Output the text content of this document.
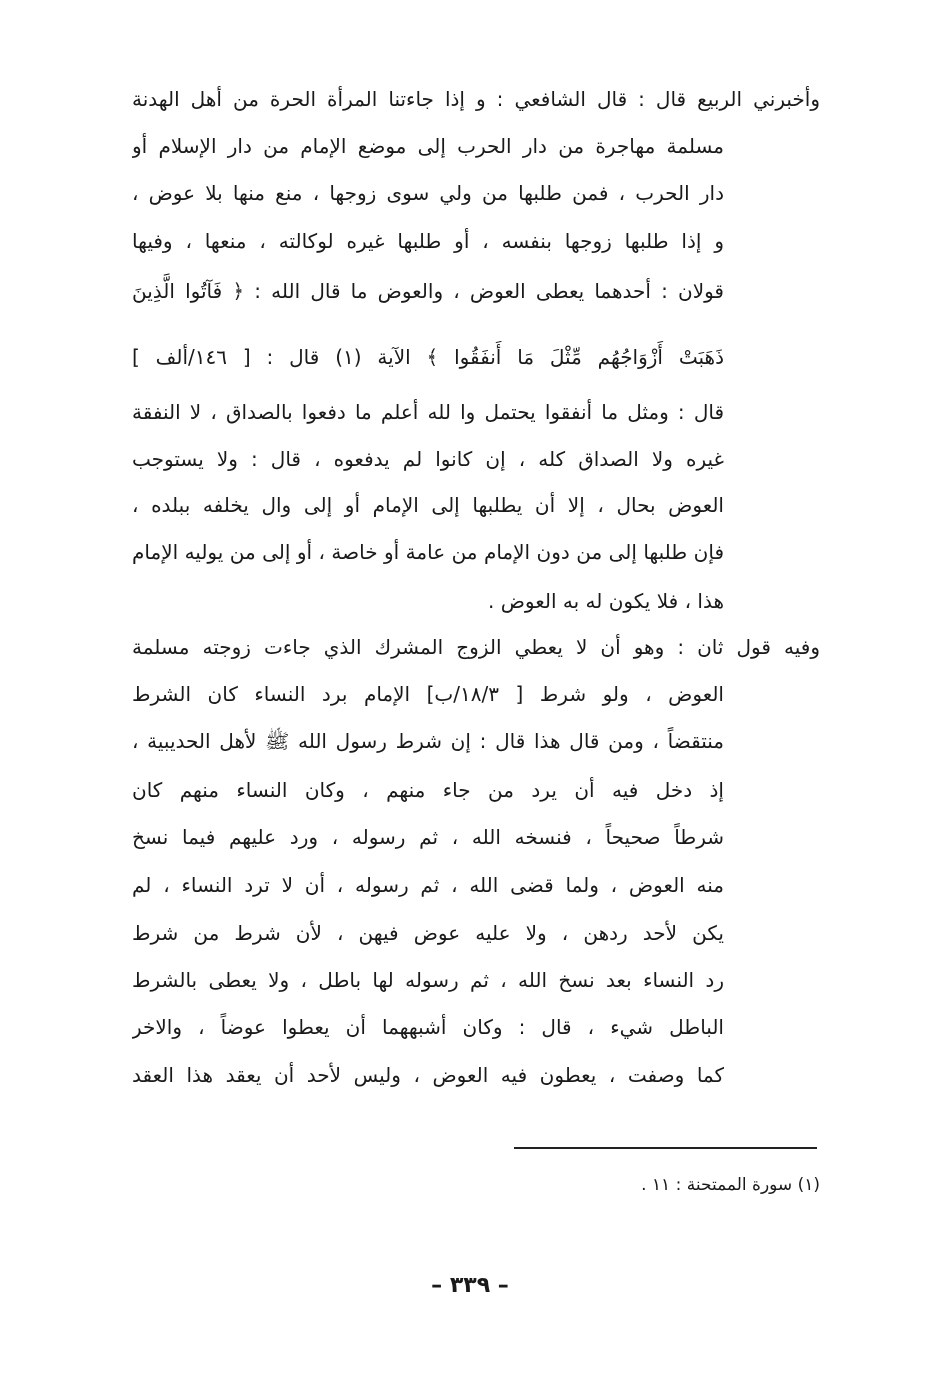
وأخبرني الربيع قال : قال الشافعي : و إذا جاءتنا المرأة الحرة من أهل الهدنة
مسلمة مهاجرة من دار الحرب إلى موضع الإمام من دار الإسلام أو
دار الحرب ، فمن طلبها من ولي سوى زوجها ، منع منها بلا عوض ،
و إذا طلبها زوجها بنفسه ، أو طلبها غيره لوكالته ، منعها ، وفيها
قولان : أحدهما يعطى العوض ، والعوض ما قال الله : ﴿ فَآتُوا الَّذِينَ
ذَهَبَتْ أَزْوَاجُهُم مِّثْلَ مَا أَنفَقُوا ﴾ الآية (١) قال : [ ١٤٦/ألف ]
قال : ومثل ما أنفقوا يحتمل وا لله أعلم ما دفعوا بالصداق ، لا النفقة
غيره ولا الصداق كله ، إن كانوا لم يدفعوه ، قال : ولا يستوجب
العوض بحال ، إلا أن يطلبها إلى الإمام أو إلى وال يخلفه ببلده ،
فإن طلبها إلى من دون الإمام من عامة أو خاصة ، أو إلى من يوليه الإمام
هذا ، فلا يكون له به العوض .
وفيه قول ثان : وهو أن لا يعطي الزوج المشرك الذي جاءت زوجته مسلمة
العوض ، ولو شرط [ ١٨/٣/ب] الإمام برد النساء كان الشرط
منتقضاً ، ومن قال هذا قال : إن شرط رسول الله ﷺ لأهل الحديبية ،
إذ دخل فيه أن يرد من جاء منهم ، وكان النساء منهم كان
شرطاً صحيحاً ، فنسخه الله ، ثم رسوله ، ورد عليهم فيما نسخ
منه العوض ، ولما قضى الله ، ثم رسوله ، أن لا ترد النساء ، لم
يكن لأحد ردهن ، ولا عليه عوض فيهن ، لأن شرط من شرط
رد النساء بعد نسخ الله ، ثم رسوله لها باطل ، ولا يعطى بالشرط
الباطل شيء ، قال : وكان أشبههما أن يعطوا عوضاً ، والاخر
كما وصفت ، يعطون فيه العوض ، وليس لأحد أن يعقد هذا العقد
(١) سورة الممتحنة : ١١ .
– ٣٣٩ –
